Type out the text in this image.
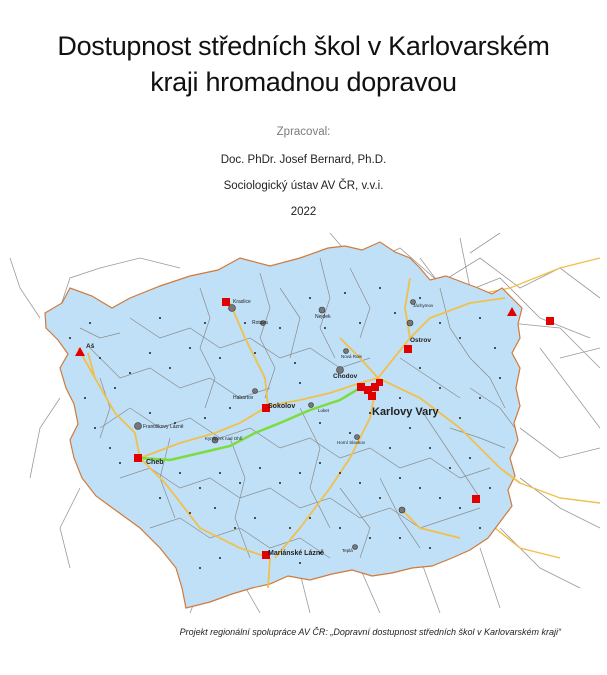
Dostupnost středních škol v Karlovarském
kraji hromadnou dopravou
Zpracoval:
Doc. PhDr. Josef Bernard, Ph.D.
Sociologický ústav AV ČR, v.v.i.
2022
Karlovy Vary
Sokolov
Cheb
Mariánské Lázně
Ostrov
Chodov
Aš
Kraslice
Františkovy Lázně
Nejdek
Habartov
Rotava
Nová Role
Loket
Kynšperk nad Ohří
Horní Slavkov
Jáchymov
Teplá
Projekt regionální spolupráce AV ČR: „Dopravní dostupnost středních škol v Karlovarském kraji“
